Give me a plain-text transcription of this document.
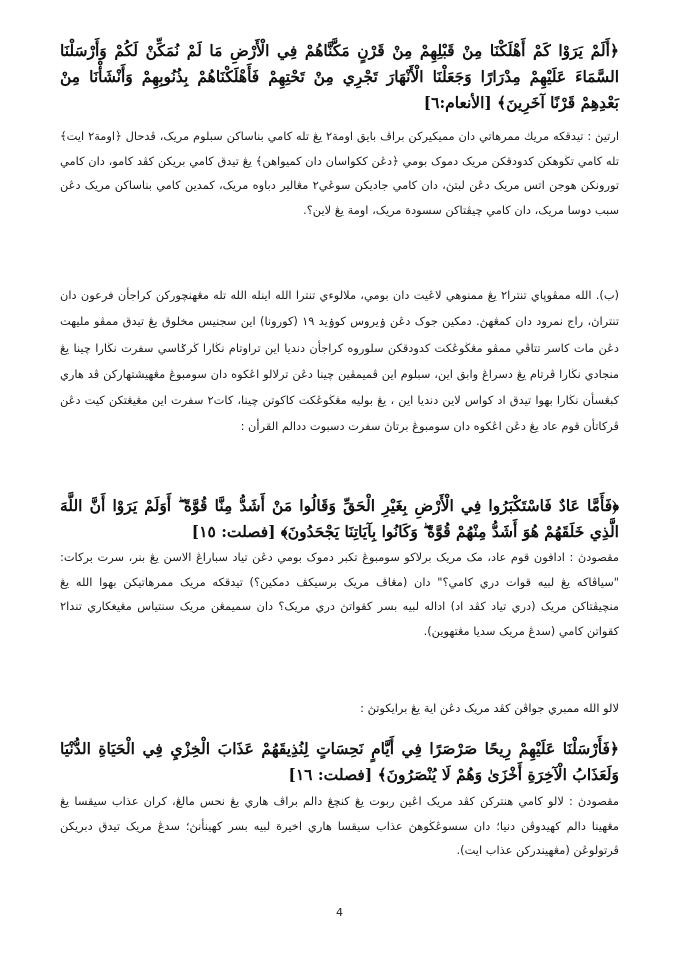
﴿أَلَمْ يَرَوْا كَمْ أَهْلَكْنَا مِنْ قَبْلِهِمْ مِنْ قَرْنٍ مَكَّنَّاهُمْ فِي الْأَرْضِ مَا لَمْ نُمَكِّنْ لَكُمْ وَأَرْسَلْنَا السَّمَاءَ عَلَيْهِمْ مِدْرَارًا وَجَعَلْنَا الْأَنْهَارَ تَجْرِي مِنْ تَحْتِهِمْ فَأَهْلَكْنَاهُمْ بِذُنُوبِهِمْ وَأَنْشَأْنَا مِنْ بَعْدِهِمْ قَرْنًا آخَرِينَ﴾ [الأنعام:٦]
ارتيڽ : تيدقكه مريك ممرهاتي دان مميكيرکن براڤ بايق اومة٢ يڠ تله کامي بناساکن سبلوم مريک، ڤدحال ﴿اومة٢ ايت﴾ تله کامي تڬوهکن کدودقکن مريک دموک بومي ﴿دڠن ککواسان دان کميواهن﴾ يڠ تيدق کامي بريکن کڤد کامو، دان کامي تورونکن هوجن اتس مريک دڠن لبتڽ، دان کامي جاديکن سوڠي٢ مڠالير دباوه مريک، کمدين کامي بناساکن مريک دڠن سبب دوسا مريک، دان کامي چيڤتاکن سسودة مريک، اومة يڠ لاين؟.
(ب). الله ممڤوڽاي تنترا٢ يڠ ممنوهي لاڠيت دان بومي، ملالوءي تنترا الله اينله الله تله مڠهنچورکن کراجأن فرعون دان تنتراڽ، راج نمرود دان کمڠهڽ. دمکين جوک دڠن ۏيروس کوۏيد ١٩ (کورونا) اين سجنيس مخلوق يڠ تيدق ممڤو مليهت دڠن مات کاسر تتاڤي ممڤو مڠڬوڠکت کدودقکن سلوروه کراجأن دنديا اين تراوتام نڬارا ڬرݢاسي سفرت نڬارا چينا يڠ منجادي نڬارا ڤرتام يڠ دسراڠ وابق اين، سبلوم اين ڤميمڤين چينا دڠن ترلالو اڠکوه دان سومبوڠ مڠهيشتهارکن ڤد هاري کبڠسأن نڬارا بهوا تيدق اد کواس لاين دنديا اين ، يڠ بوليه مڠڬوڠکت کاکوتن چينا، کات٢ سفرت اين مڠيڠتکن کيت دڠن ڤرکاتأن قوم عاد يڠ دڠن اڠکوه دان سومبوڠ برتاڽ سفرت دسبوت ددالم القرأن :
﴿فَأَمَّا عَادٌ فَاسْتَكْبَرُوا فِي الْأَرْضِ بِغَيْرِ الْحَقِّ وَقَالُوا مَنْ أَشَدُّ مِنَّا قُوَّةً ۖ أَوَلَمْ يَرَوْا أَنَّ اللَّهَ الَّذِي خَلَقَهُمْ هُوَ أَشَدُّ مِنْهُمْ قُوَّةً ۖ وَكَانُوا بِآيَاتِنَا يَجْحَدُونَ﴾ [فصلت: ١٥]
مقصودڽ : ادافون قوم عاد، مک مريک برلاکو سومبوڠ تکبر دموک بومي دڠن تياد سباراڠ الاسن يڠ بنر، سرت برکات: "سياڤاکه يڠ لبيه قوات دري کامي؟" دان (مڠاڤ مريک برسيکڤ دمکين؟) تيدقکه مريک ممرهاتيکن بهوا الله يڠ منچيڤتاکن مريک (دري تياد کڤد اد) اداله لبيه بسر کقواتڽ دري مريک؟ دان سميمڠن مريک سنتياس مڠيغکاري تندا٢ کقواتن کامي (سدڠ مريک سديا مڠتهوين).
لالو الله ممبري جواڤن کڤد مريک دڠن اية يڠ برايکوتڽ :
﴿فَأَرْسَلْنَا عَلَيْهِمْ رِيحًا صَرْصَرًا فِي أَيَّامٍ نَحِسَاتٍ لِنُذِيقَهُمْ عَذَابَ الْخِزْيِ فِي الْحَيَاةِ الدُّنْيَا وَلَعَذَابُ الْآخِرَةِ أَخْزَىٰ وَهُمْ لَا يُنْصَرُونَ﴾ [فصلت: ١٦]
مقصودڽ : لالو کامي هنترکن کڤد مريک اڠين ربوت يڠ کنچڠ دالم براڤ هاري يڠ نحس مالڠ، کران عذاب سيقسا يڠ مڠهينا دالم کهيدوڤن دنيا؛ دان سسوڠڬوهڽ عذاب سيقسا هاري اخيرة لبيه بسر کهينأنڽ؛ سدڠ مريک تيدق دبريکن ڤرتولوڠن (مڠهيندرکن عذاب ايت).
4
